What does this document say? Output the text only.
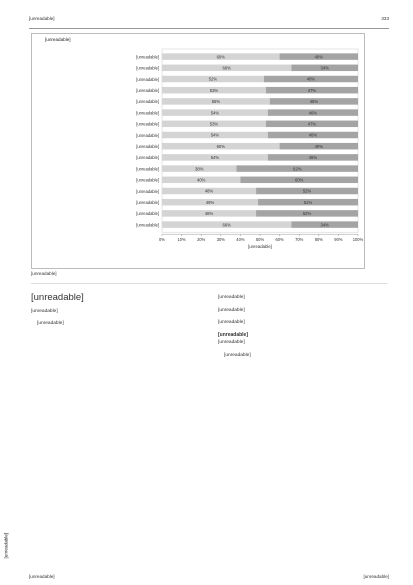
[unreadable]	333
[unreadable]
[unreadable]
60%	40%
[unreadable]
66%	34%
[unreadable]
52%	48%
[unreadable]
53%	47%
[unreadable]
55%	45%
[unreadable]
54%	46%
[unreadable]
53%	47%
[unreadable]
54%	46%
[unreadable]
60%	40%
[unreadable]
54%	46%
[unreadable]
38%	62%
[unreadable]
40%	60%
[unreadable]
48%	52%
[unreadable]
49%	51%
[unreadable]
48%	52%
[unreadable]
66%	34%
[unreadable]
0%	10%	20%	30%	40%	50%	60%	70%	80%	90%	100%
[unreadable]
[unreadable]
[unreadable]

[unreadable]

[unreadable]

[unreadable]

[unreadable]

[unreadable]

[unreadable]

[unreadable]

[unreadable]

[unreadable]	[unreadable]
